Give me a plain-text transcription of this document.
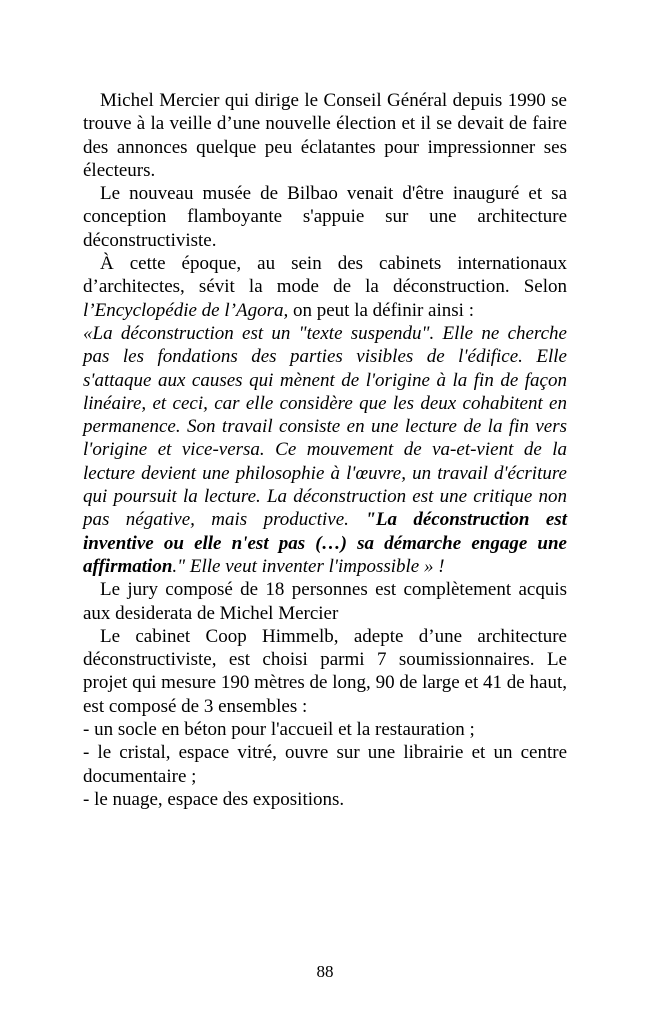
Michel Mercier qui dirige le Conseil Général depuis 1990 se trouve à la veille d’une nouvelle élection et il se devait de faire des annonces quelque peu éclatantes pour impressionner ses électeurs.

Le nouveau musée de Bilbao venait d'être inauguré et sa conception flamboyante s'appuie sur une architecture déconstructiviste.

À cette époque, au sein des cabinets internationaux d’architectes, sévit la mode de la déconstruction. Selon l’Encyclopédie de l’Agora, on peut la définir ainsi :

«La déconstruction est un "texte suspendu". Elle ne cherche pas les fondations des parties visibles de l'édifice. Elle s'attaque aux causes qui mènent de l'origine à la fin de façon linéaire, et ceci, car elle considère que les deux cohabitent en permanence. Son travail consiste en une lecture de la fin vers l'origine et vice-versa. Ce mouvement de va-et-vient de la lecture devient une philosophie à l'œuvre, un travail d'écriture qui poursuit la lecture. La déconstruction est une critique non pas négative, mais productive. "La déconstruction est inventive ou elle n'est pas (…) sa démarche engage une affirmation." Elle veut inventer l'impossible » !

Le jury composé de 18 personnes est complètement acquis aux desiderata de Michel Mercier

Le cabinet Coop Himmelb, adepte d’une architecture déconstructiviste, est choisi parmi 7 soumissionnaires. Le projet qui mesure 190 mètres de long, 90 de large et 41 de haut, est composé de 3 ensembles :

- un socle en béton pour l'accueil et la restauration ;

- le cristal, espace vitré, ouvre sur une librairie et un centre documentaire ;

- le nuage, espace des expositions.

88
